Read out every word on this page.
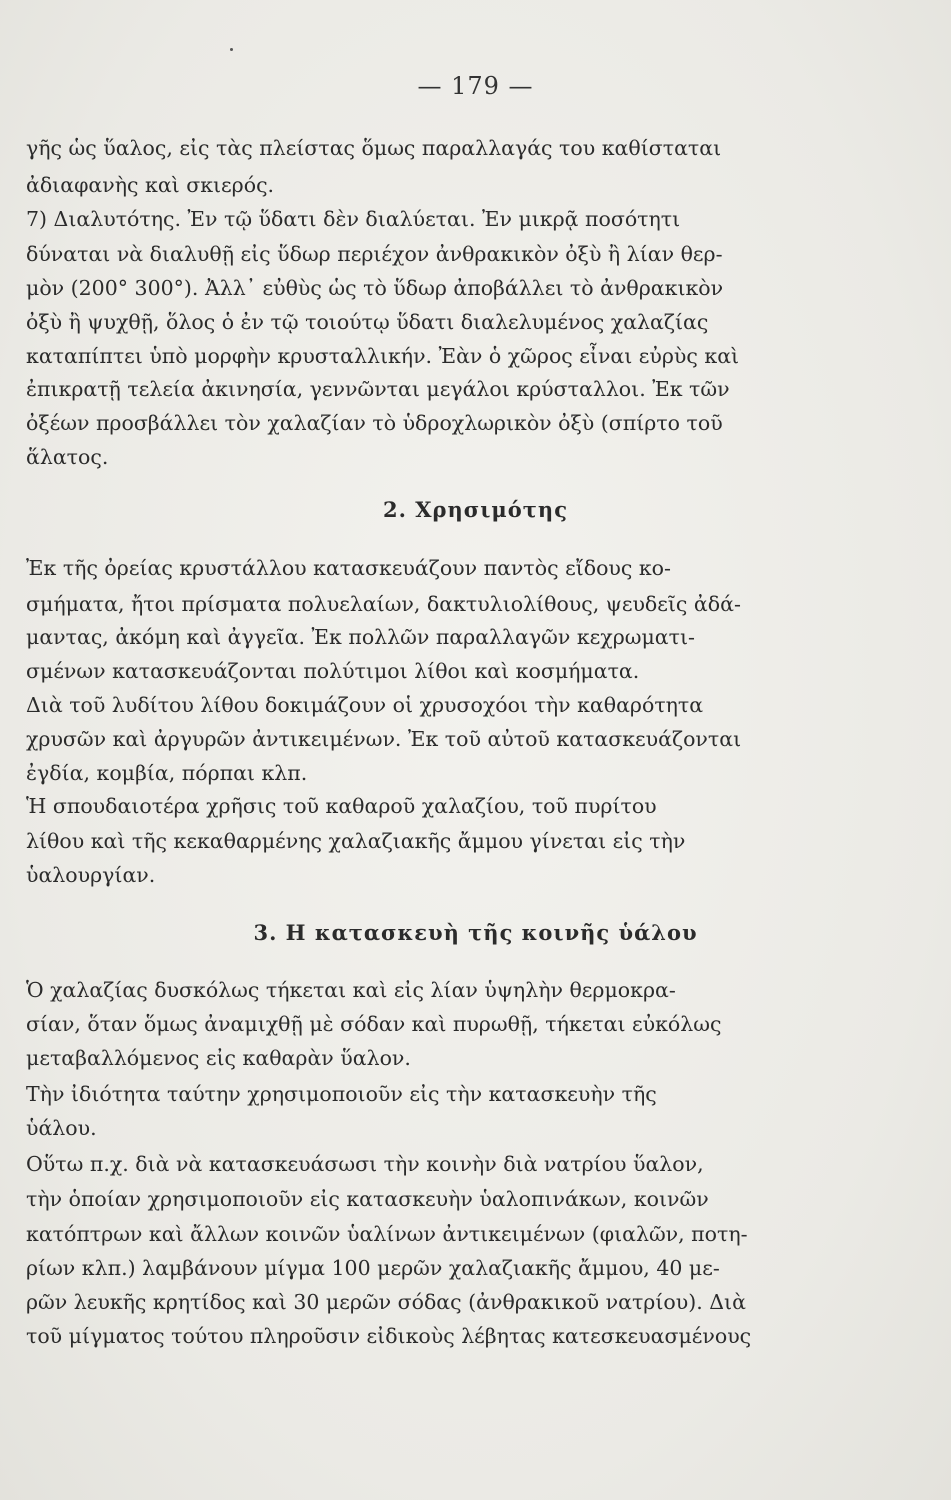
— 179 —
γῆς ὡς ὕαλος, εἰς τὰς πλείστας ὅμως παραλλαγάς του καθίσταται
ἀδιαφανὴς καὶ σκιερός.
7) Διαλυτότης. Ἐν τῷ ὕδατι δὲν διαλύεται. Ἐν μικρᾷ ποσότητι
δύναται νὰ διαλυθῇ εἰς ὕδωρ περιέχον ἀνθρακικὸν ὀξὺ ἢ λίαν θερ-
μὸν (200° 300°). Ἀλλ᾽ εὐθὺς ὡς τὸ ὕδωρ ἀποβάλλει τὸ ἀνθρακικὸν
ὀξὺ ἢ ψυχθῇ, ὅλος ὁ ἐν τῷ τοιούτῳ ὕδατι διαλελυμένος χαλαζίας
καταπίπτει ὑπὸ μορφὴν κρυσταλλικήν. Ἐὰν ὁ χῶρος εἶναι εὐρὺς καὶ
ἐπικρατῇ τελεία ἀκινησία, γεννῶνται μεγάλοι κρύσταλλοι. Ἐκ τῶν
ὀξέων προσβάλλει τὸν χαλαζίαν τὸ ὑδροχλωρικὸν ὀξὺ (σπίρτο τοῦ
ἅλατος.
2. Χρησιμότης
Ἐκ τῆς ὀρείας κρυστάλλου κατασκευάζουν παντὸς εἴδους κο-
σμήματα, ἤτοι πρίσματα πολυελαίων, δακτυλιολίθους, ψευδεῖς ἀδά-
μαντας, ἀκόμη καὶ ἀγγεῖα. Ἐκ πολλῶν παραλλαγῶν κεχρωματι-
σμένων κατασκευάζονται πολύτιμοι λίθοι καὶ κοσμήματα.
Διὰ τοῦ λυδίτου λίθου δοκιμάζουν οἱ χρυσοχόοι τὴν καθαρότητα
χρυσῶν καὶ ἀργυρῶν ἀντικειμένων. Ἐκ τοῦ αὐτοῦ κατασκευάζονται
ἐγδία, κομβία, πόρπαι κλπ.
Ἡ σπουδαιοτέρα χρῆσις τοῦ καθαροῦ χαλαζίου, τοῦ πυρίτου
λίθου καὶ τῆς κεκαθαρμένης χαλαζιακῆς ἄμμου γίνεται εἰς τὴν
ὑαλουργίαν.
3. Η κατασκευὴ τῆς κοινῆς ὑάλου
Ὁ χαλαζίας δυσκόλως τήκεται καὶ εἰς λίαν ὑψηλὴν θερμοκρα-
σίαν, ὅταν ὅμως ἀναμιχθῇ μὲ σόδαν καὶ πυρωθῇ, τήκεται εὐκόλως
μεταβαλλόμενος εἰς καθαρὰν ὕαλον.
Τὴν ἰδιότητα ταύτην χρησιμοποιοῦν εἰς τὴν κατασκευὴν τῆς
ὑάλου.
Οὕτω π.χ. διὰ νὰ κατασκευάσωσι τὴν κοινὴν διὰ νατρίου ὕαλον,
τὴν ὁποίαν χρησιμοποιοῦν εἰς κατασκευὴν ὑαλοπινάκων, κοινῶν
κατόπτρων καὶ ἄλλων κοινῶν ὑαλίνων ἀντικειμένων (φιαλῶν, ποτη-
ρίων κλπ.) λαμβάνουν μίγμα 100 μερῶν χαλαζιακῆς ἄμμου, 40 με-
ρῶν λευκῆς κρητίδος καὶ 30 μερῶν σόδας (ἀνθρακικοῦ νατρίου). Διὰ
τοῦ μίγματος τούτου πληροῦσιν εἰδικοὺς λέβητας κατεσκευασμένους
